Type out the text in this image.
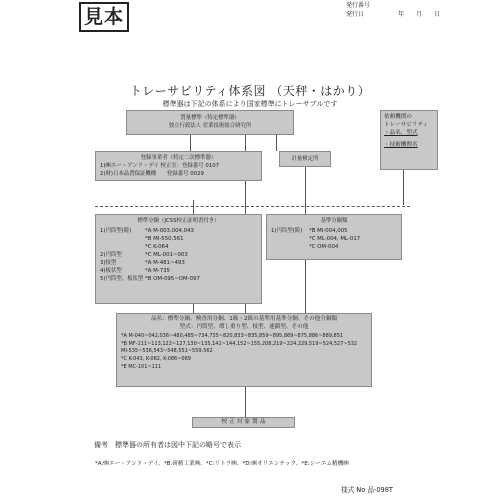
見本
発行番号
発行日	年 月 日
トレーサビリティ体系図 （天秤・はかり）
標準器は下記の体系により国家標準にトレーサブルです
質量標準（特定標準器）
独立行政法人 産業技術総合研究所
依頼機関の
トレーサビリティ
・品名、型式
・技術機関名
登録事業者（特定二次標準器）
1)㈱エー・アンド・デイ 校正室：登録番号 0107
2)財)日本品質保証機構　　登録番号 0029
計量検定所
標準分銅（JCSS校正証明書付き）
1)円筒型(鋳)	*A M-003,004,043
*B MI-550,561
*C K-064
2)円筒型	*C ML-001~003
3)枝型	*A M-481~493
4)板状型	*A M-735
5)円筒型、板状型 *B OM-095~OM-097
基準分銅類
1)円筒型(鋳)	*B MI-004,005
*C ML-004, ML-017
*C OM-004
品名：標準分銅、検査用分銅、1級・2級の基準用基準分銅、その他分銅類
型式：円筒型、増し重り型、枝型、連鎖型、その他
*A M-040~042,036~480,485~734,735~820,833~835,859~895,869~875,886~889,851
*B MF-111~113,122~127,130~135,141~144,152~155,208,219~224,229,519~524,527~532
MI-535~536,543~548,551~559,562
*C K-043, K-082, K-086~089
*E MC-101~111
校 正 対 象 製 品
備考　標準器の所有者は図中下記の略号で表示
*A:㈱エー・アンド・デイ、*B:研精工業㈱、*C:リトラ㈱、*D:㈱オリエンテック、*E:シーエム精機㈱
様式 No 品-098T
